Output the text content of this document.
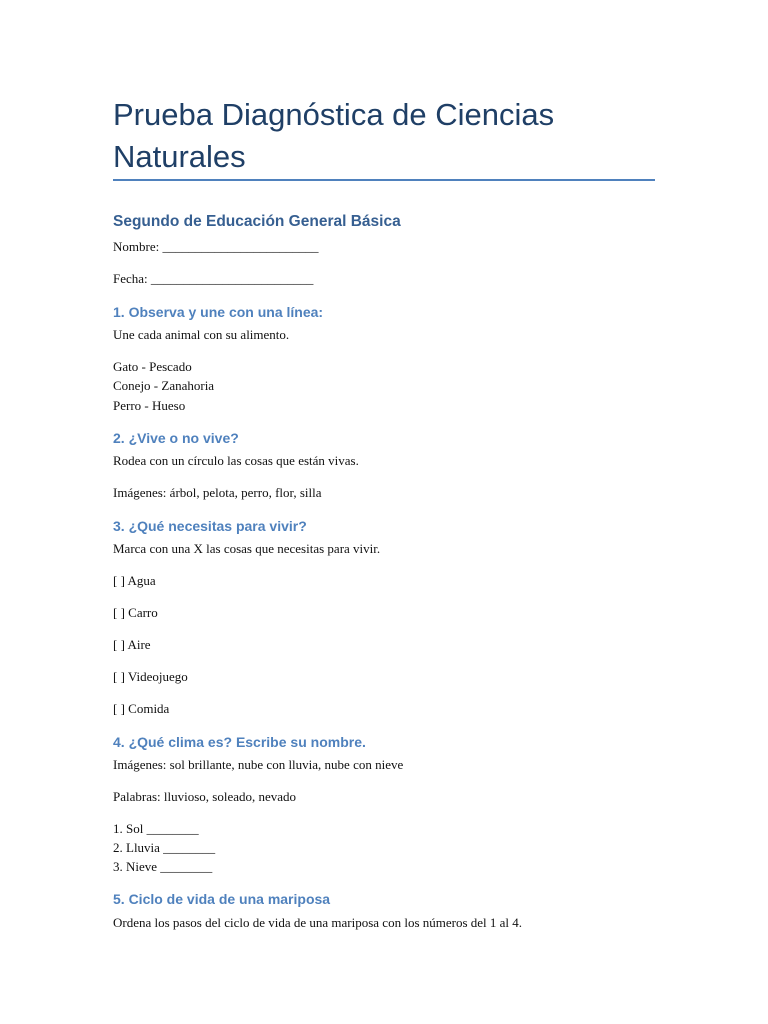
Prueba Diagnóstica de Ciencias Naturales
Segundo de Educación General Básica

Nombre: ________________________

Fecha: _________________________

1. Observa y une con una línea:

Une cada animal con su alimento.

Gato - Pescado

Conejo - Zanahoria

Perro - Hueso

2. ¿Vive o no vive?

Rodea con un círculo las cosas que están vivas.

Imágenes: árbol, pelota, perro, flor, silla

3. ¿Qué necesitas para vivir?

Marca con una X las cosas que necesitas para vivir.

[ ] Agua

[ ] Carro

[ ] Aire

[ ] Videojuego

[ ] Comida

4. ¿Qué clima es? Escribe su nombre.

Imágenes: sol brillante, nube con lluvia, nube con nieve

Palabras: lluvioso, soleado, nevado

1. Sol ________

2. Lluvia ________

3. Nieve ________

5. Ciclo de vida de una mariposa

Ordena los pasos del ciclo de vida de una mariposa con los números del 1 al 4.
